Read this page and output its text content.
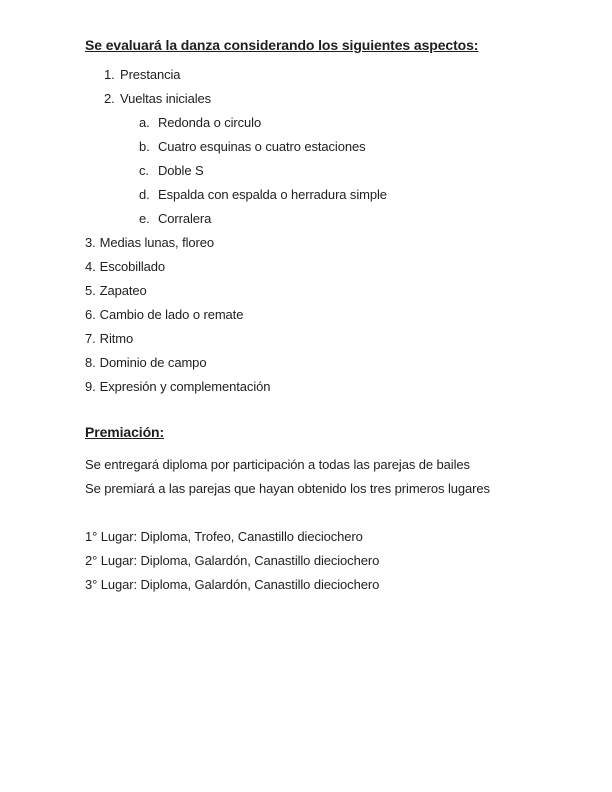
Se evaluará la danza considerando los siguientes aspectos:
1. Prestancia
2. Vueltas iniciales
a. Redonda o circulo
b. Cuatro esquinas o cuatro estaciones
c. Doble S
d. Espalda con espalda o herradura simple
e. Corralera
3. Medias lunas, floreo
4. Escobillado
5. Zapateo
6. Cambio de lado o remate
7. Ritmo
8. Dominio de campo
9. Expresión y complementación
Premiación:
Se entregará diploma por participación a todas las parejas de bailes
Se premiará a las parejas que hayan obtenido los tres primeros lugares
1° Lugar: Diploma, Trofeo, Canastillo dieciochero
2° Lugar: Diploma, Galardón, Canastillo dieciochero
3° Lugar: Diploma, Galardón, Canastillo dieciochero
